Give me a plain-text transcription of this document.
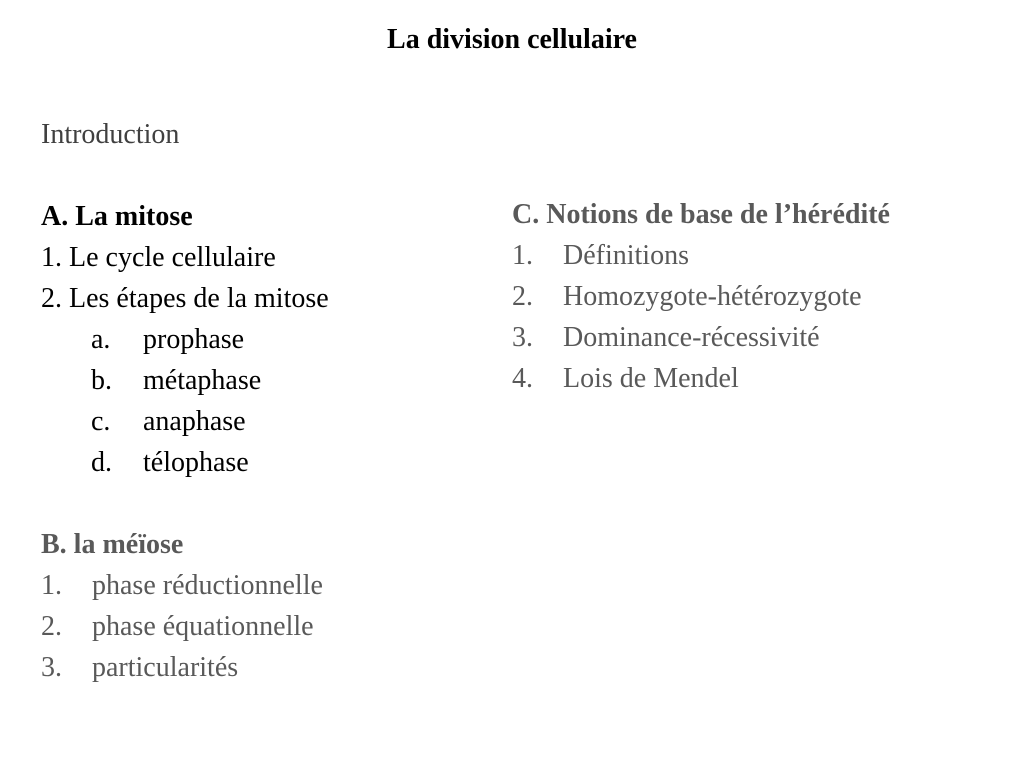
La division cellulaire
Introduction
A. La mitose
1. Le cycle cellulaire
2. Les étapes de la mitose
a. prophase
b. métaphase
c. anaphase
d. télophase
B. la méïose
1. phase réductionnelle
2. phase équationnelle
3. particularités
C. Notions de base de l’hérédité
1. Définitions
2. Homozygote-hétérozygote
3. Dominance-récessivité
4. Lois de Mendel
